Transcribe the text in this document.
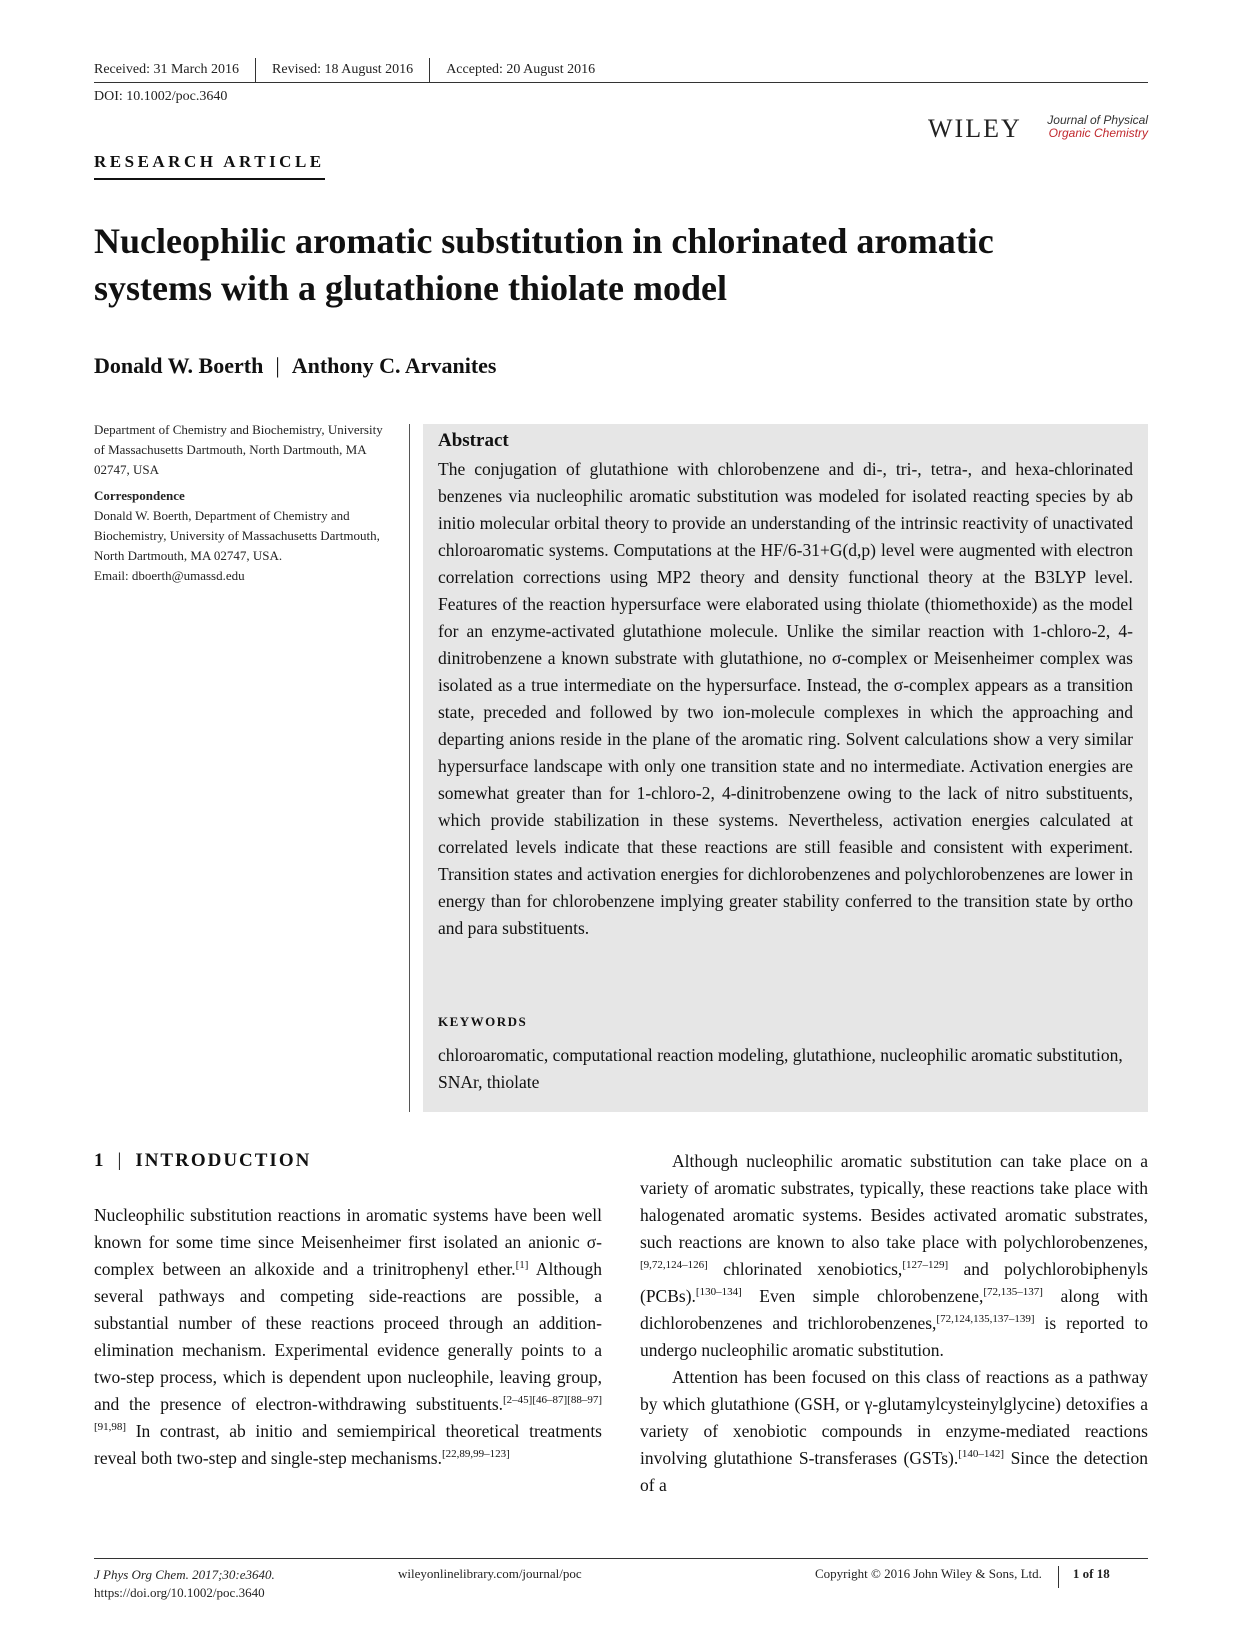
Received: 31 March 2016 Revised: 18 August 2016 Accepted: 20 August 2016
DOI: 10.1002/poc.3640
WILEY	Journal of Physical
Organic Chemistry
RESEARCH ARTICLE
Nucleophilic aromatic substitution in chlorinated aromatic systems with a glutathione thiolate model
Donald W. Boerth | Anthony C. Arvanites
Department of Chemistry and Biochemistry, University of Massachusetts Dartmouth, North Dartmouth, MA 02747, USA
Correspondence
Donald W. Boerth, Department of Chemistry and Biochemistry, University of Massachusetts Dartmouth, North Dartmouth, MA 02747, USA.
Email: dboerth@umassd.edu
Abstract
The conjugation of glutathione with chlorobenzene and di-, tri-, tetra-, and hexa-chlorinated benzenes via nucleophilic aromatic substitution was modeled for isolated reacting species by ab initio molecular orbital theory to provide an understanding of the intrinsic reactivity of unactivated chloroaromatic systems. Computations at the HF/6-31+G(d,p) level were augmented with electron correlation corrections using MP2 theory and density functional theory at the B3LYP level. Features of the reaction hypersurface were elaborated using thiolate (thiomethoxide) as the model for an enzyme-activated glutathione molecule. Unlike the similar reaction with 1-chloro-2, 4-dinitrobenzene a known substrate with glutathione, no σ-complex or Meisenheimer complex was isolated as a true intermediate on the hypersurface. Instead, the σ-complex appears as a transition state, preceded and followed by two ion-molecule complexes in which the approaching and departing anions reside in the plane of the aromatic ring. Solvent calculations show a very similar hypersurface landscape with only one transition state and no intermediate. Activation energies are somewhat greater than for 1-chloro-2, 4-dinitrobenzene owing to the lack of nitro substituents, which provide stabilization in these systems. Nevertheless, activation energies calculated at correlated levels indicate that these reactions are still feasible and consistent with experiment. Transition states and activation energies for dichlorobenzenes and polychlorobenzenes are lower in energy than for chlorobenzene implying greater stability conferred to the transition state by ortho and para substituents.
KEYWORDS
chloroaromatic, computational reaction modeling, glutathione, nucleophilic aromatic substitution, SNAr, thiolate
1 | INTRODUCTION
Nucleophilic substitution reactions in aromatic systems have been well known for some time since Meisenheimer first isolated an anionic σ-complex between an alkoxide and a trinitrophenyl ether.[1] Although several pathways and competing side-reactions are possible, a substantial number of these reactions proceed through an addition-elimination mechanism. Experimental evidence generally points to a two-step process, which is dependent upon nucleophile, leaving group, and the presence of electron-withdrawing substituents.[2–45][46–87][88–97][91,98] In contrast, ab initio and semiempirical theoretical treatments reveal both two-step and single-step mechanisms.[22,89,99–123]

Although nucleophilic aromatic substitution can take place on a variety of aromatic substrates, typically, these reactions take place with halogenated aromatic systems. Besides activated aromatic substrates, such reactions are known to also take place with polychlorobenzenes,[9,72,124–126] chlorinated xenobiotics,[127–129] and polychlorobiphenyls (PCBs).[130–134] Even simple chlorobenzene,[72,135–137] along with dichlorobenzenes and trichlorobenzenes,[72,124,135,137–139] is reported to undergo nucleophilic aromatic substitution.

Attention has been focused on this class of reactions as a pathway by which glutathione (GSH, or γ-glutamylcysteinylglycine) detoxifies a variety of xenobiotic compounds in enzyme-mediated reactions involving glutathione S-transferases (GSTs).[140–142] Since the detection of a

J Phys Org Chem. 2017;30:e3640.
https://doi.org/10.1002/poc.3640
wileyonlinelibrary.com/journal/poc	Copyright © 2016 John Wiley & Sons, Ltd. 1 of 18
